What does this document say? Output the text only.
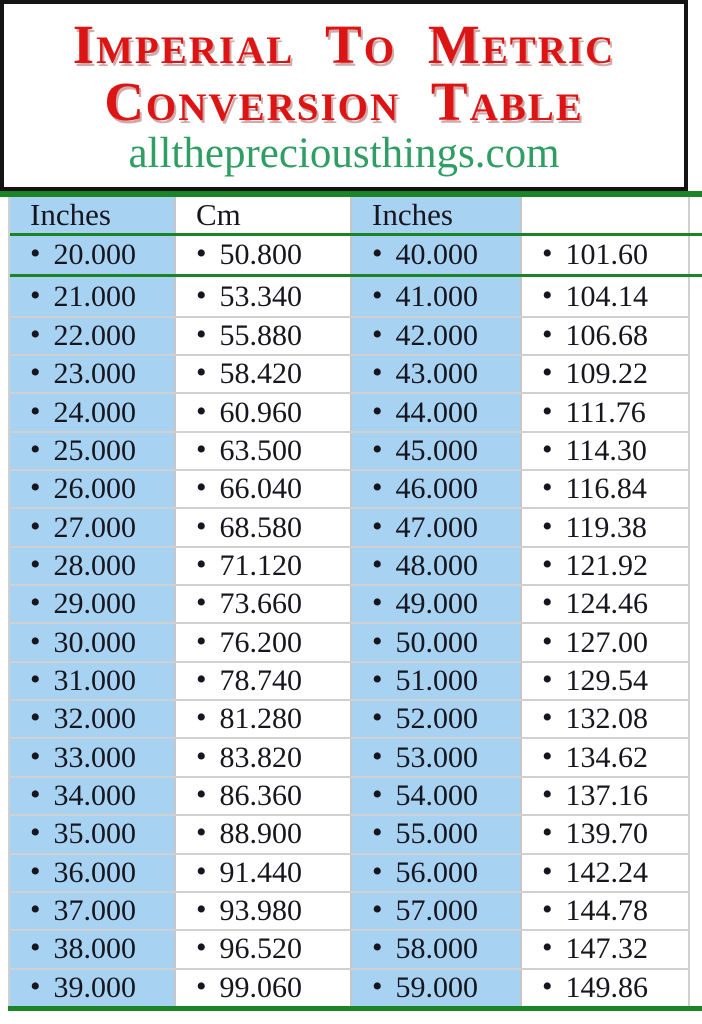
Imperial To Metric
Conversion Table
allthepreciousthings.com
Inches	Cm	Inches
• 20.000 • 50.800 • 40.000 • 101.60
• 21.000 • 53.340 • 41.000 • 104.14
• 22.000 • 55.880 • 42.000 • 106.68
• 23.000 • 58.420 • 43.000 • 109.22
• 24.000 • 60.960 • 44.000 • 111.76
• 25.000 • 63.500 • 45.000 • 114.30
• 26.000 • 66.040 • 46.000 • 116.84
• 27.000 • 68.580 • 47.000 • 119.38
• 28.000 • 71.120 • 48.000 • 121.92
• 29.000 • 73.660 • 49.000 • 124.46
• 30.000 • 76.200 • 50.000 • 127.00
• 31.000 • 78.740 • 51.000 • 129.54
• 32.000 • 81.280 • 52.000 • 132.08
• 33.000 • 83.820 • 53.000 • 134.62
• 34.000 • 86.360 • 54.000 • 137.16
• 35.000 • 88.900 • 55.000 • 139.70
• 36.000 • 91.440 • 56.000 • 142.24
• 37.000 • 93.980 • 57.000 • 144.78
• 38.000 • 96.520 • 58.000 • 147.32
• 39.000 • 99.060 • 59.000 • 149.86
